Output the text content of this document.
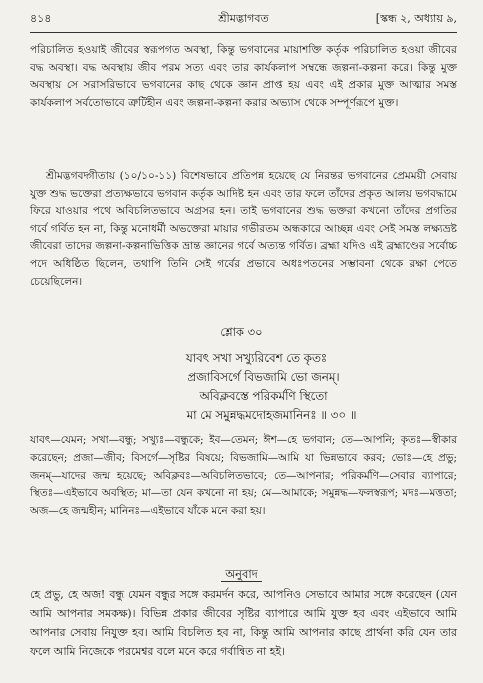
৪১৪	শ্রীমদ্ভাগবত	[স্কন্ধ ২, অধ্যায় ৯,
পরিচালিত হওয়াই জীবের স্বরূপগত অবস্থা, কিন্তু ভগবানের মায়াশক্তি কর্তৃক পরিচালিত হওয়া জীবের বদ্ধ অবস্থা। বদ্ধ অবস্থায় জীব পরম সত্য এবং তার কার্যকলাপ সম্বন্ধে জল্পনা-কল্পনা করে। কিন্তু মুক্ত অবস্থায় সে সরাসরিভাবে ভগবানের কাছ থেকে জ্ঞান প্রাপ্ত হয় এবং এই প্রকার মুক্ত আত্মার সমস্ত কার্যকলাপ সর্বতোভাবে ত্রুটিহীন এবং জল্পনা-কল্পনা করার অভ্যাস থেকে সম্পূর্ণরূপে মুক্ত।
শ্রীমদ্ভগবদ্গীতায় (১০/১০-১১) বিশেষভাবে প্রতিপন্ন হয়েছে যে নিরন্তর ভগবানের প্রেমময়ী সেবায় যুক্ত শুদ্ধ ভক্তেরা প্রত্যক্ষভাবে ভগবান কর্তৃক আদিষ্ট হন এবং তার ফলে তাঁদের প্রকৃত আলয় ভগবদ্ধামে ফিরে যাওয়ার পথে অবিচলিতভাবে অগ্রসর হন। তাই ভগবানের শুদ্ধ ভক্তরা কখনো তাঁদের প্রগতির গর্বে গর্বিত হন না, কিন্তু মনোধর্মী অভক্তেরা মায়ার গভীরতম অন্ধকারে আচ্ছন্ন এবং সেই সমস্ত লক্ষ্যভ্রষ্ট জীবেরা তাদের জল্পনা-কল্পনাভিত্তিক ভ্রান্ত জ্ঞানের গর্বে অত্যন্ত গর্বিত। ব্রহ্মা যদিও এই ব্রহ্মাণ্ডের সর্বোচ্চ পদে অধিষ্ঠিত ছিলেন, তথাপি তিনি সেই গর্বের প্রভাবে অধঃপতনের সম্ভাবনা থেকে রক্ষা পেতে চেয়েছিলেন।
শ্লোক ৩০
যাবৎ সখা সখ্যুরিবেশ তে কৃতঃ
প্রজাবিসর্গে বিভজামি ভো জনম্।
অবিক্লবস্তে পরিকর্মণি স্থিতো
মা মে সমুন্নদ্ধমদোহজমানিনঃ ॥ ৩০ ॥
যাবৎ—যেমন; সখা—বন্ধু; সখ্যুঃ—বন্ধুকে; ইব—তেমন; ঈশ—হে ভগবান; তে—আপনি; কৃতঃ—স্বীকার করেছেন; প্রজা—জীব; বিসর্গে—সৃষ্টির বিষয়ে; বিভজামি—আমি যা ভিন্নভাবে করব; ভোঃ—হে প্রভু; জনম্—যাদের জন্ম হয়েছে; অবিক্লবঃ—অবিচলিতভাবে; তে—আপনার; পরিকর্মণি—সেবার ব্যাপারে; স্থিতঃ—এইভাবে অবস্থিত; মা—তা যেন কখনো না হয়; মে—আমাকে; সমুন্নদ্ধ—ফলস্বরূপ; মদঃ—মত্ততা; অজ—হে জন্মহীন; মানিনঃ—এইভাবে যাঁকে মনে করা হয়।
অনুবাদ
হে প্রভু, হে অজ! বন্ধু যেমন বন্ধুর সঙ্গে করমর্দন করে, আপনিও সেভাবে আমার সঙ্গে করেছেন (যেন আমি আপনার সমকক্ষ)। বিভিন্ন প্রকার জীবের সৃষ্টির ব্যাপারে আমি যুক্ত হব এবং এইভাবে আমি আপনার সেবায় নিযুক্ত হব। আমি বিচলিত হব না, কিন্তু আমি আপনার কাছে প্রার্থনা করি যেন তার ফলে আমি নিজেকে পরমেশ্বর বলে মনে করে গর্বান্বিত না হই।
